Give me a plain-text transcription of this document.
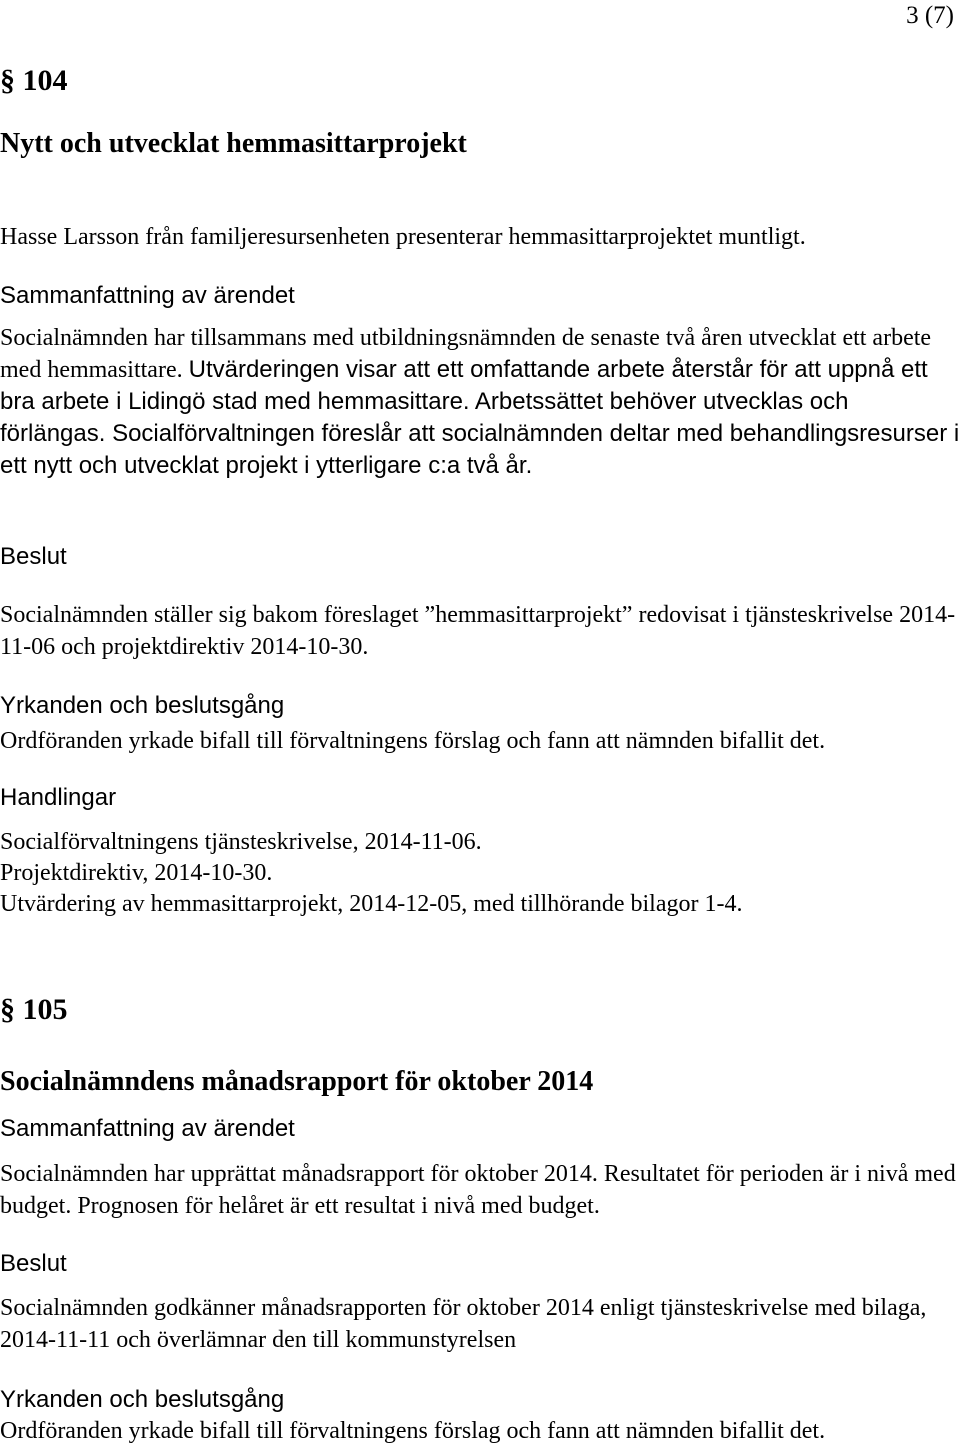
3 (7)
§ 104
Nytt och utvecklat hemmasittarprojekt
Hasse Larsson från familjeresursenheten presenterar hemmasittarprojektet muntligt.
Sammanfattning av ärendet
Socialnämnden har tillsammans med utbildningsnämnden de senaste två åren utvecklat ett arbete med hemmasittare. Utvärderingen visar att ett omfattande arbete återstår för att uppnå ett bra arbete i Lidingö stad med hemmasittare. Arbetssättet behöver utvecklas och förlängas. Socialförvaltningen föreslår att socialnämnden deltar med behandlingsresurser i ett nytt och utvecklat projekt i ytterligare c:a två år.
Beslut
Socialnämnden ställer sig bakom föreslaget ”hemmasittarprojekt” redovisat i tjänsteskrivelse 2014-11-06 och projektdirektiv 2014-10-30.
Yrkanden och beslutsgång
Ordföranden yrkade bifall till förvaltningens förslag och fann att nämnden bifallit det.
Handlingar
Socialförvaltningens tjänsteskrivelse, 2014-11-06.
Projektdirektiv, 2014-10-30.
Utvärdering av hemmasittarprojekt, 2014-12-05, med tillhörande bilagor 1-4.
§ 105
Socialnämndens månadsrapport för oktober 2014
Sammanfattning av ärendet
Socialnämnden har upprättat månadsrapport för oktober 2014. Resultatet för perioden är i nivå med budget. Prognosen för helåret är ett resultat i nivå med budget.
Beslut
Socialnämnden godkänner månadsrapporten för oktober 2014 enligt tjänsteskrivelse med bilaga, 2014-11-11 och överlämnar den till kommunstyrelsen
Yrkanden och beslutsgång
Ordföranden yrkade bifall till förvaltningens förslag och fann att nämnden bifallit det.
